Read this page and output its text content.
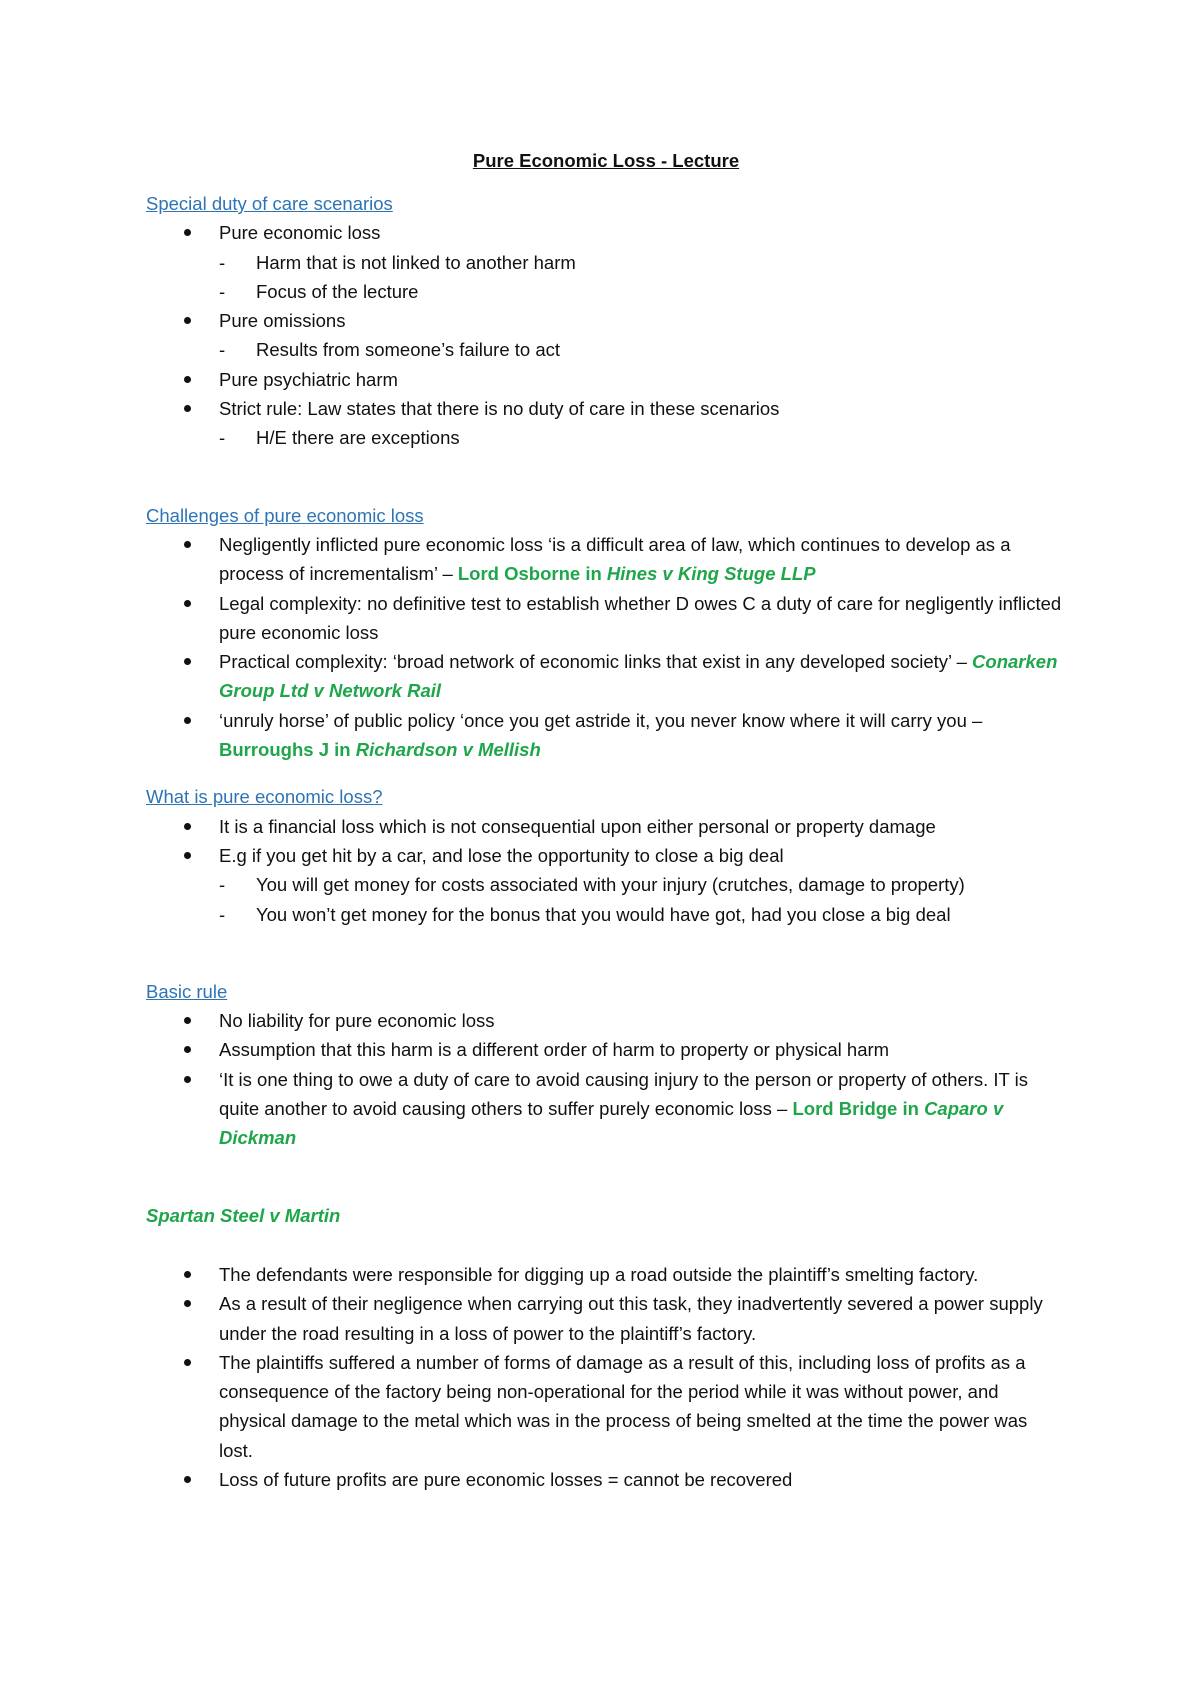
Pure Economic Loss - Lecture
Special duty of care scenarios
Pure economic loss
- Harm that is not linked to another harm
- Focus of the lecture
Pure omissions
- Results from someone’s failure to act
Pure psychiatric harm
Strict rule: Law states that there is no duty of care in these scenarios
- H/E there are exceptions
Challenges of pure economic loss
Negligently inflicted pure economic loss ‘is a difficult area of law, which continues to develop as a process of incrementalism’ – Lord Osborne in Hines v King Stuge LLP
Legal complexity: no definitive test to establish whether D owes C a duty of care for negligently inflicted pure economic loss
Practical complexity: ‘broad network of economic links that exist in any developed society’ – Conarken Group Ltd v Network Rail
‘unruly horse’ of public policy ‘once you get astride it, you never know where it will carry you – Burroughs J in Richardson v Mellish
What is pure economic loss?
It is a financial loss which is not consequential upon either personal or property damage
E.g if you get hit by a car, and lose the opportunity to close a big deal
- You will get money for costs associated with your injury (crutches, damage to property)
- You won’t get money for the bonus that you would have got, had you close a big deal
Basic rule
No liability for pure economic loss
Assumption that this harm is a different order of harm to property or physical harm
‘It is one thing to owe a duty of care to avoid causing injury to the person or property of others. IT is quite another to avoid causing others to suffer purely economic loss – Lord Bridge in Caparo v Dickman
Spartan Steel v Martin
The defendants were responsible for digging up a road outside the plaintiff’s smelting factory.
As a result of their negligence when carrying out this task, they inadvertently severed a power supply under the road resulting in a loss of power to the plaintiff’s factory.
The plaintiffs suffered a number of forms of damage as a result of this, including loss of profits as a consequence of the factory being non-operational for the period while it was without power, and physical damage to the metal which was in the process of being smelted at the time the power was lost.
Loss of future profits are pure economic losses = cannot be recovered
